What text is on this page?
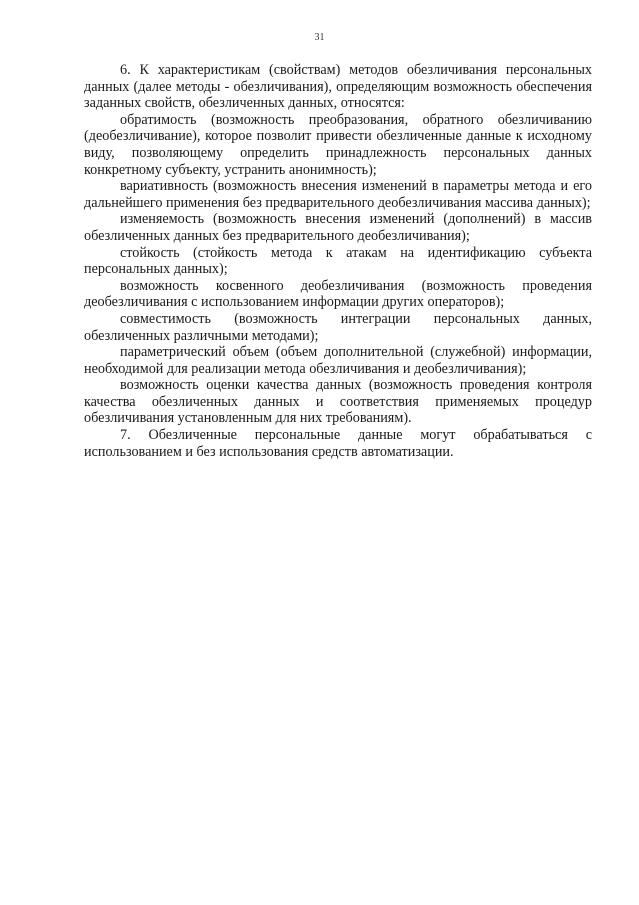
31

6. К характеристикам (свойствам) методов обезличивания персональных данных (далее методы - обезличивания), определяющим возможность обеспечения заданных свойств, обезличенных данных, относятся:

обратимость (возможность преобразования, обратного обезличиванию (деобезличивание), которое позволит привести обезличенные данные к исходному виду, позволяющему определить принадлежность персональных данных конкретному субъекту, устранить анонимность);

вариативность (возможность внесения изменений в параметры метода и его дальнейшего применения без предварительного деобезличивания массива данных);

изменяемость (возможность внесения изменений (дополнений) в массив обезличенных данных без предварительного деобезличивания);

стойкость (стойкость метода к атакам на идентификацию субъекта персональных данных);

возможность косвенного деобезличивания (возможность проведения деобезличивания с использованием информации других операторов);

совместимость (возможность интеграции персональных данных, обезличенных различными методами);

параметрический объем (объем дополнительной (служебной) информации, необходимой для реализации метода обезличивания и деобезличивания);

возможность оценки качества данных (возможность проведения контроля качества обезличенных данных и соответствия применяемых процедур обезличивания установленным для них требованиям).

7. Обезличенные персональные данные могут обрабатываться с использованием и без использования средств автоматизации.
